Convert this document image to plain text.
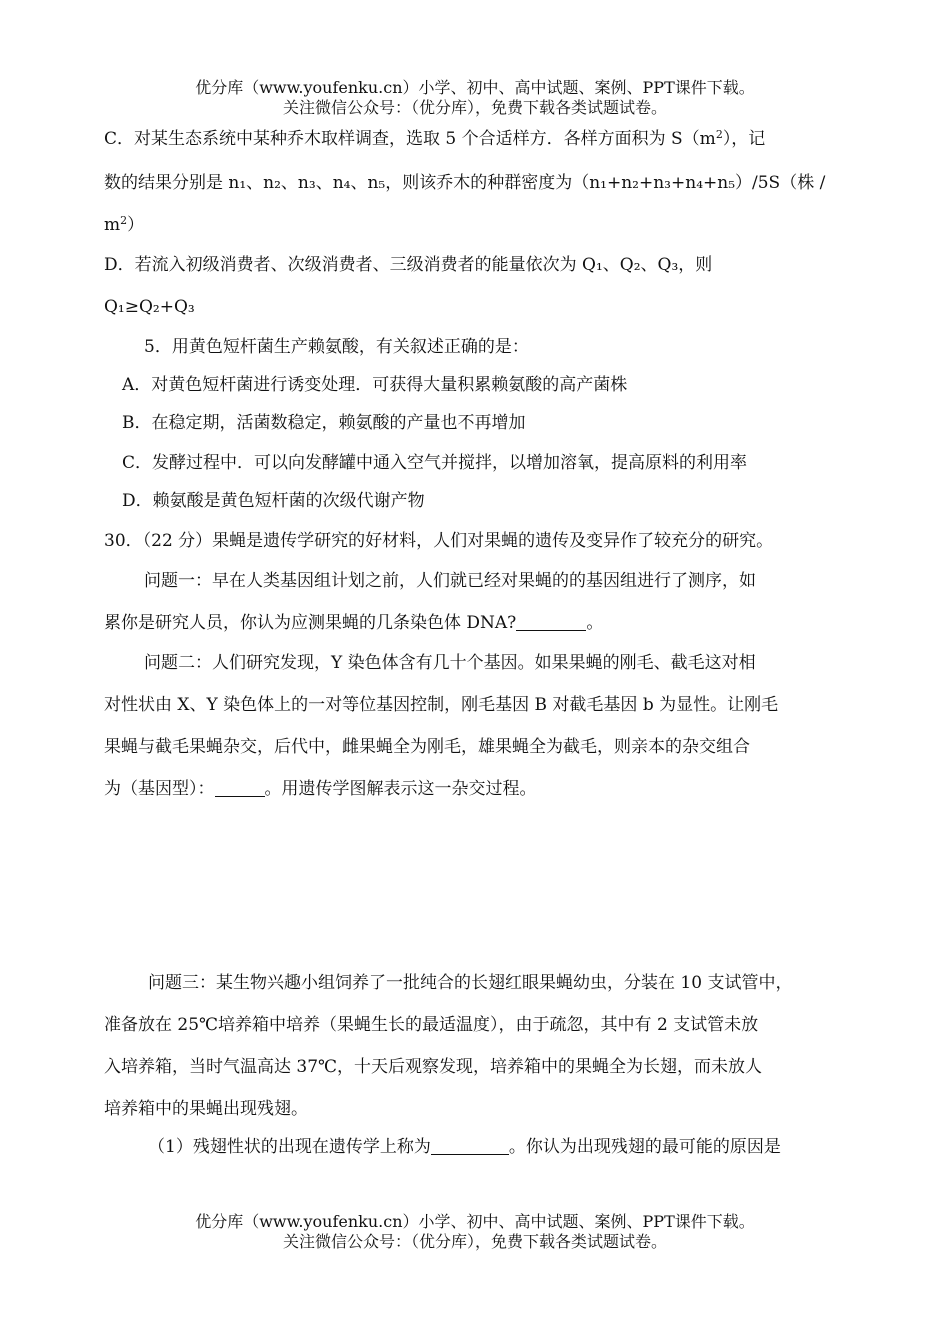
优分库（www.youfenku.cn）小学、初中、高中试题、案例、PPT课件下载。
关注微信公众号：（优分库），免费下载各类试题试卷。
C．对某生态系统中某种乔木取样调查，选取 5 个合适样方．各样方面积为 $S(m^2)$，记
数的结果分别是 n₁、n₂、n₃、n₄、n₅，则该乔木的种群密度为（n₁+n₂+n₃+n₄+n₅）/5S（株 /
$m^2$）
D．若流入初级消费者、次级消费者、三级消费者的能量依次为 Q₁、Q₂、Q₃，则
Q₁≥Q₂+Q₃
5．用黄色短杆菌生产赖氨酸，有关叙述正确的是：
A．对黄色短杆菌进行诱变处理．可获得大量积累赖氨酸的高产菌株
B．在稳定期，活菌数稳定，赖氨酸的产量也不再增加
C．发酵过程中．可以向发酵罐中通入空气并搅拌，以增加溶氧，提高原料的利用率
D．赖氨酸是黄色短杆菌的次级代谢产物
30．（22 分）果蝇是遗传学研究的好材料，人们对果蝇的遗传及变异作了较充分的研究。
问题一：早在人类基因组计划之前，人们就已经对果蝇的的基因组进行了测序，如
累你是研究人员，你认为应测果蝇的几条染色体 DNA?	。
问题二：人们研究发现，Y 染色体含有几十个基因。如果果蝇的刚毛、截毛这对相
对性状由 X、Y 染色体上的一对等位基因控制，刚毛基因 B 对截毛基因 b 为显性。让刚毛
果蝇与截毛果蝇杂交，后代中，雌果蝇全为刚毛，雄果蝇全为截毛，则亲本的杂交组合
为（基因型）：	。用遗传学图解表示这一杂交过程。
问题三：某生物兴趣小组饲养了一批纯合的长翅红眼果蝇幼虫，分装在 10 支试管中，
准备放在 25℃培养箱中培养（果蝇生长的最适温度），由于疏忽，其中有 2 支试管未放
入培养箱，当时气温高达 37℃，十天后观察发现，培养箱中的果蝇全为长翅，而未放人
培养箱中的果蝇出现残翅。
（1）残翅性状的出现在遗传学上称为	。你认为出现残翅的最可能的原因是
优分库（www.youfenku.cn）小学、初中、高中试题、案例、PPT课件下载。
关注微信公众号：（优分库），免费下载各类试题试卷。
